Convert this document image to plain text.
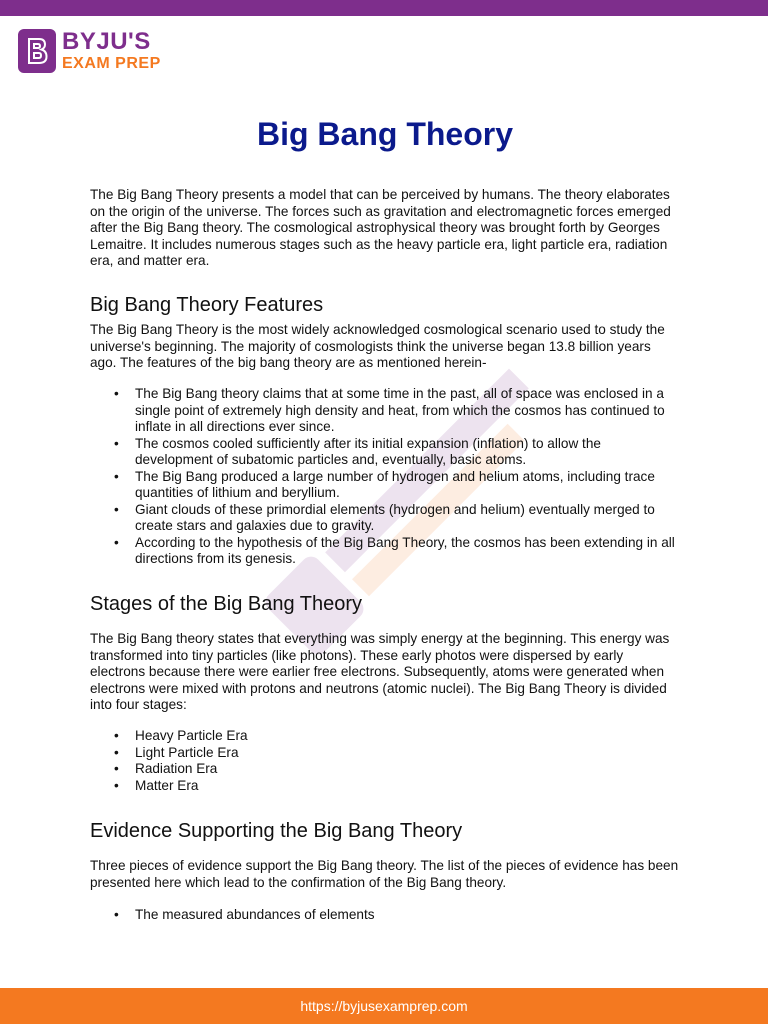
BYJU'S
EXAM PREP
Big Bang Theory

The Big Bang Theory presents a model that can be perceived by humans. The theory elaborates on the origin of the universe. The forces such as gravitation and electromagnetic forces emerged after the Big Bang theory. The cosmological astrophysical theory was brought forth by Georges Lemaitre. It includes numerous stages such as the heavy particle era, light particle era, radiation era, and matter era.

Big Bang Theory Features

The Big Bang Theory is the most widely acknowledged cosmological scenario used to study the universe's beginning. The majority of cosmologists think the universe began 13.8 billion years ago. The features of the big bang theory are as mentioned herein-

• The Big Bang theory claims that at some time in the past, all of space was enclosed in a single point of extremely high density and heat, from which the cosmos has continued to inflate in all directions ever since.
• The cosmos cooled sufficiently after its initial expansion (inflation) to allow the development of subatomic particles and, eventually, basic atoms.
• The Big Bang produced a large number of hydrogen and helium atoms, including trace quantities of lithium and beryllium.
• Giant clouds of these primordial elements (hydrogen and helium) eventually merged to create stars and galaxies due to gravity.
• According to the hypothesis of the Big Bang Theory, the cosmos has been extending in all directions from its genesis.
Stages of the Big Bang Theory

The Big Bang theory states that everything was simply energy at the beginning. This energy was transformed into tiny particles (like photons). These early photos were dispersed by early electrons because there were earlier free electrons. Subsequently, atoms were generated when electrons were mixed with protons and neutrons (atomic nuclei). The Big Bang Theory is divided into four stages:

• Heavy Particle Era
• Light Particle Era
• Radiation Era
• Matter Era
Evidence Supporting the Big Bang Theory

Three pieces of evidence support the Big Bang theory. The list of the pieces of evidence has been presented here which lead to the confirmation of the Big Bang theory.

• The measured abundances of elements
https://byjusexamprep.com
